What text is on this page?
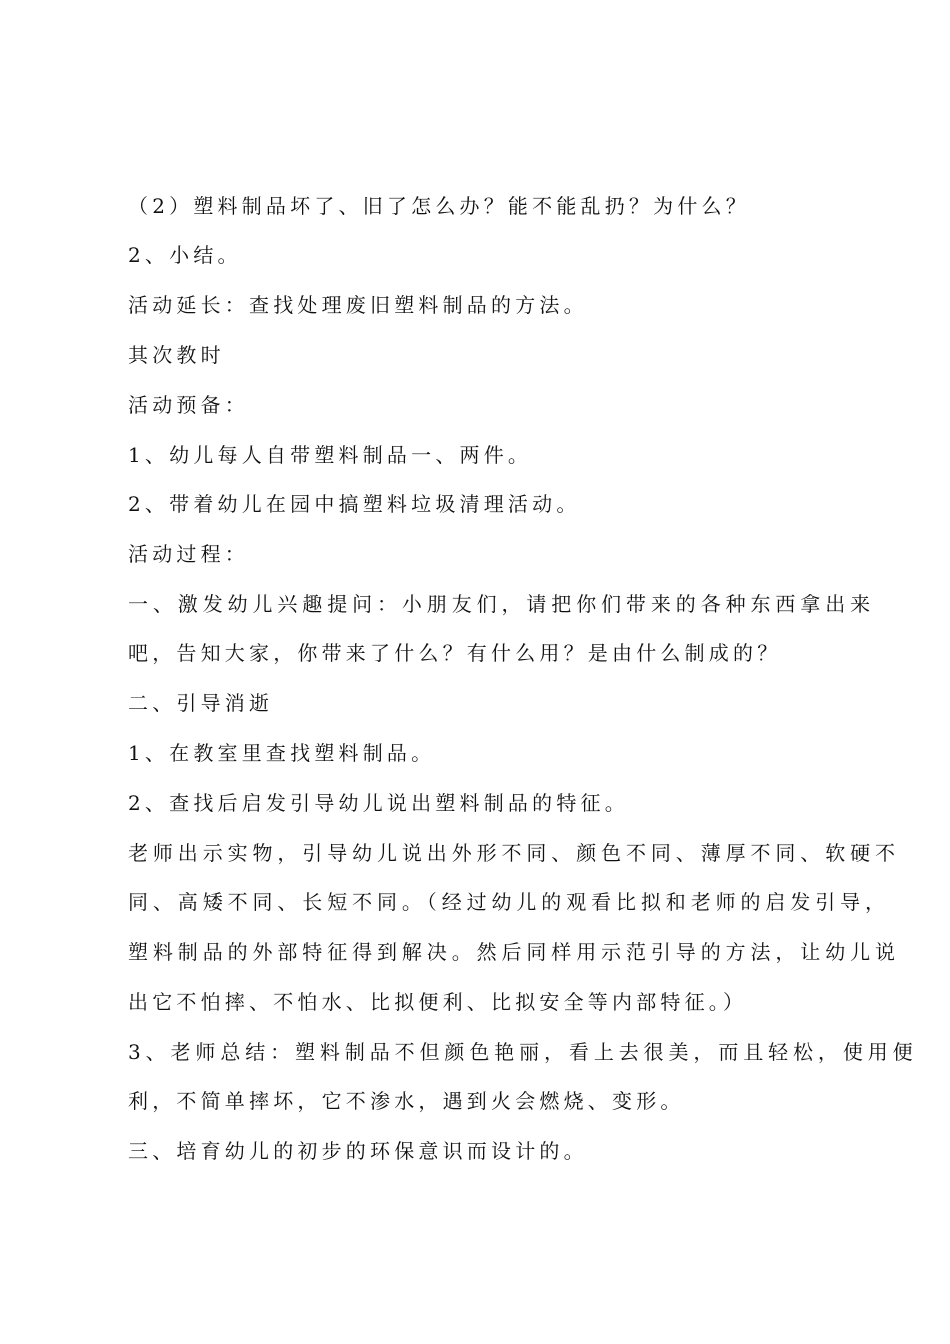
（2）塑料制品坏了、旧了怎么办？能不能乱扔？为什么？
2、小结。
活动延长：查找处理废旧塑料制品的方法。
其次教时
活动预备：
1、幼儿每人自带塑料制品一、两件。
2、带着幼儿在园中搞塑料垃圾清理活动。
活动过程：
一、激发幼儿兴趣提问：小朋友们，请把你们带来的各种东西拿出来
吧，告知大家，你带来了什么？有什么用？是由什么制成的？
二、引导消逝
1、在教室里查找塑料制品。
2、查找后启发引导幼儿说出塑料制品的特征。
老师出示实物，引导幼儿说出外形不同、颜色不同、薄厚不同、软硬不
同、高矮不同、长短不同。（经过幼儿的观看比拟和老师的启发引导，
塑料制品的外部特征得到解决。然后同样用示范引导的方法，让幼儿说
出它不怕摔、不怕水、比拟便利、比拟安全等内部特征。）
3、老师总结：塑料制品不但颜色艳丽，看上去很美，而且轻松，使用便
利，不简单摔坏，它不渗水，遇到火会燃烧、变形。
三、培育幼儿的初步的环保意识而设计的。
